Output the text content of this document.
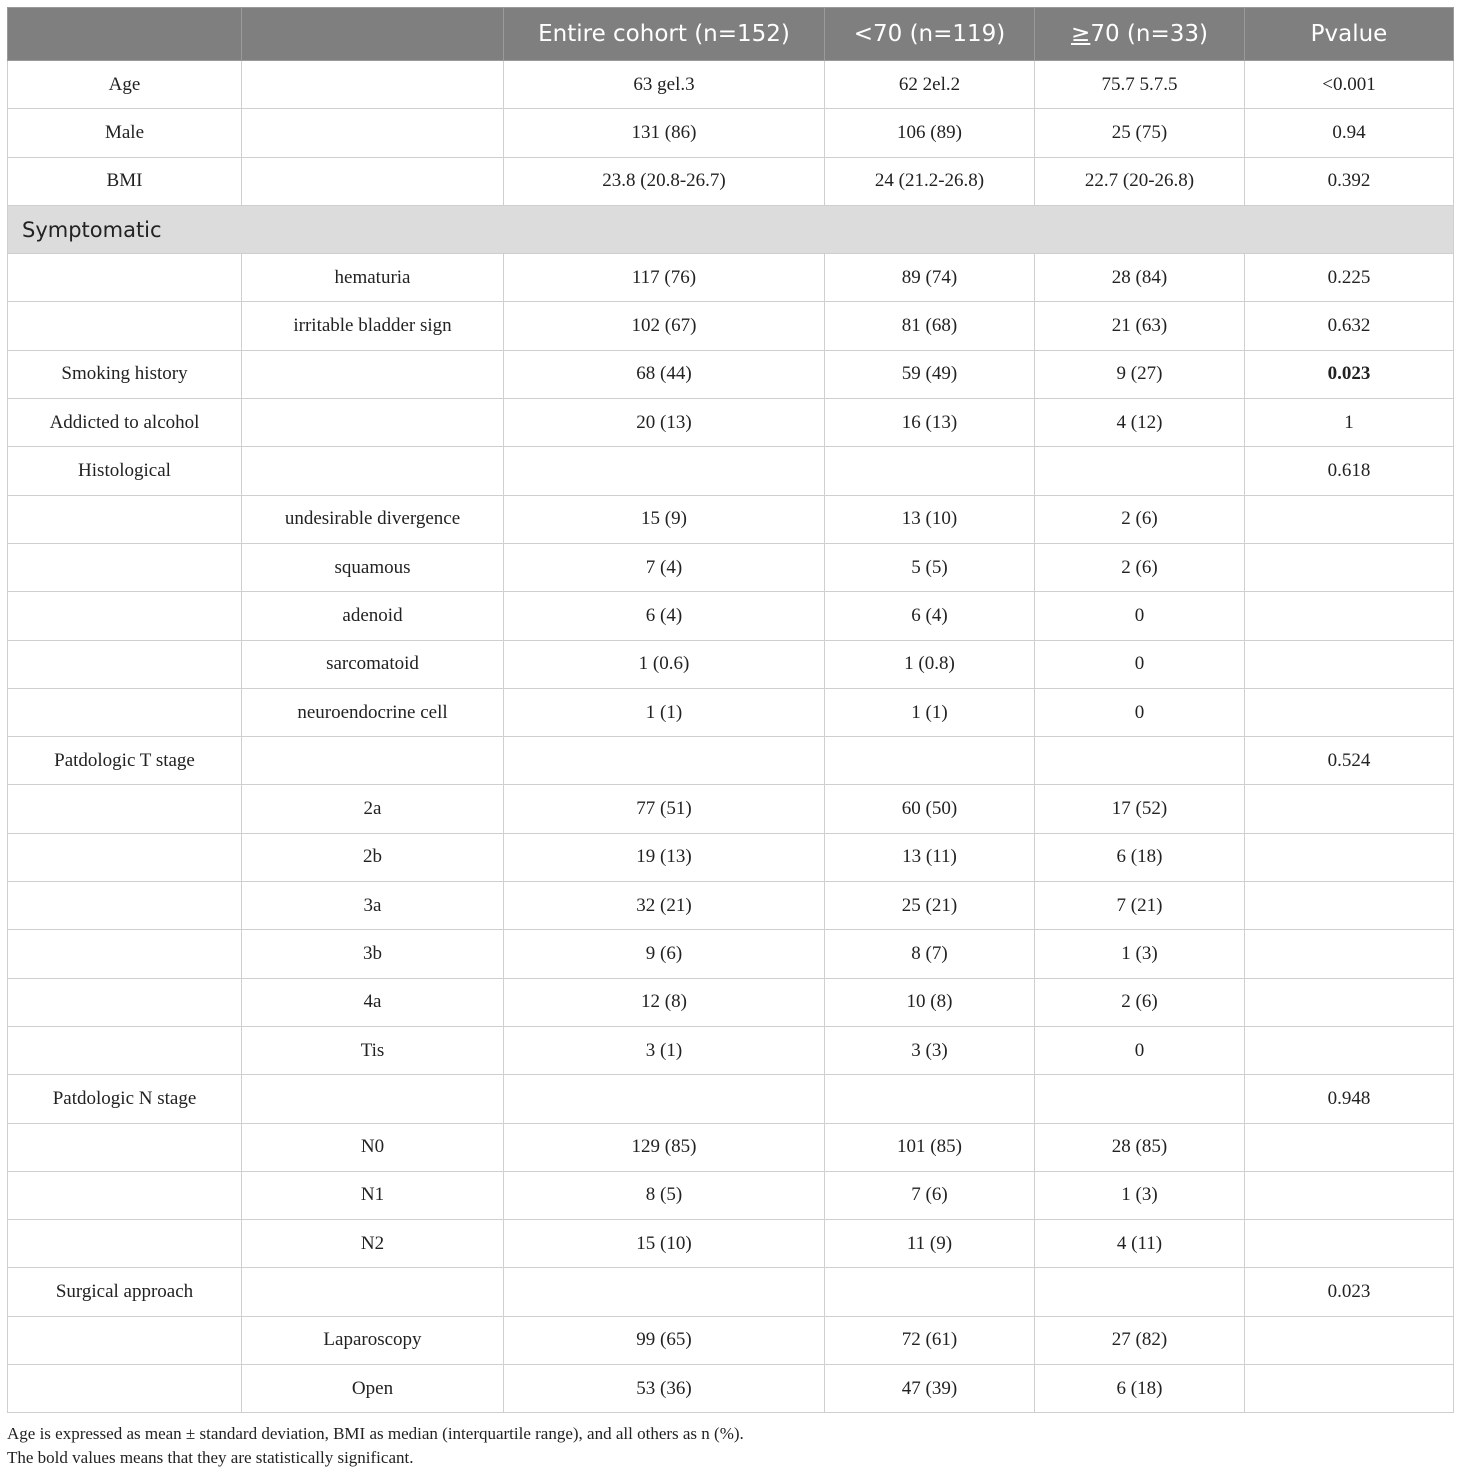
		Entire cohort (n=152)	<70 (n=119)	≥70 (n=33)	Pvalue
Age		63 gel.3	62 2el.2	75.7 5.7.5	<0.001
Male		131 (86)	106 (89)	25 (75)	0.94
BMI		23.8 (20.8-26.7)	24 (21.2-26.8)	22.7 (20-26.8)	0.392
Symptomatic					
	hematuria	117 (76)	89 (74)	28 (84)	0.225
	irritable bladder sign	102 (67)	81 (68)	21 (63)	0.632
Smoking history		68 (44)	59 (49)	9 (27)	0.023
Addicted to alcohol		20 (13)	16 (13)	4 (12)	1
Histological					0.618
	undesirable divergence	15 (9)	13 (10)	2 (6)	
	squamous	7 (4)	5 (5)	2 (6)	
	adenoid	6 (4)	6 (4)	0	
	sarcomatoid	1 (0.6)	1 (0.8)	0	
	neuroendocrine cell	1 (1)	1 (1)	0	
Patdologic T stage					0.524
	2a	77 (51)	60 (50)	17 (52)	
	2b	19 (13)	13 (11)	6 (18)	
	3a	32 (21)	25 (21)	7 (21)	
	3b	9 (6)	8 (7)	1 (3)	
	4a	12 (8)	10 (8)	2 (6)	
	Tis	3 (1)	3 (3)	0	
Patdologic N stage					0.948
	N0	129 (85)	101 (85)	28 (85)	
	N1	8 (5)	7 (6)	1 (3)	
	N2	15 (10)	11 (9)	4 (11)	
Surgical approach					0.023
	Laparoscopy	99 (65)	72 (61)	27 (82)	
	Open	53 (36)	47 (39)	6 (18)	

Age is expressed as mean ± standard deviation, BMI as median (interquartile range), and all others as n (%).

The bold values means that they are statistically significant.
